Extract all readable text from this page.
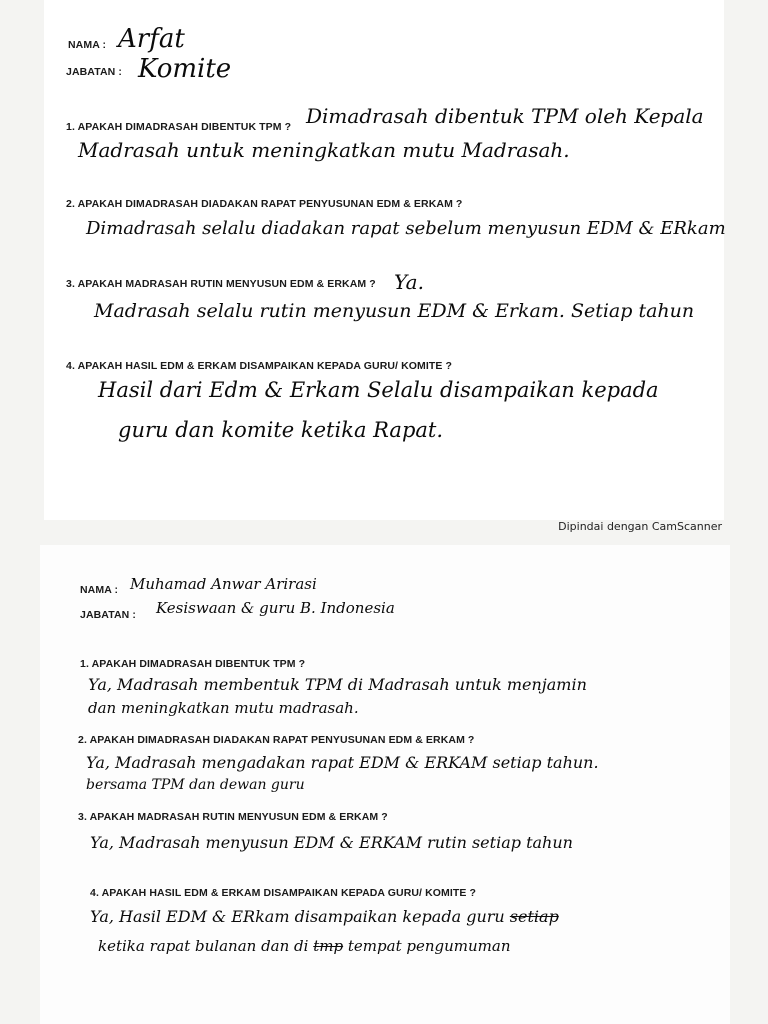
NAMA : Arfat
JABATAN : Komite
1. APAKAH DIMADRASAH DIBENTUK TPM ? Dimadrasah dibentuk TPM oleh Kepala
Madrasah untuk meningkatkan mutu Madrasah.
2. APAKAH DIMADRASAH DIADAKAN RAPAT PENYUSUNAN EDM & ERKAM ?
Dimadrasah selalu diadakan rapat sebelum menyusun EDM & ERkam
3. APAKAH MADRASAH RUTIN MENYUSUN EDM & ERKAM ? Ya.
Madrasah selalu rutin menyusun EDM & Erkam. Setiap tahun
4. APAKAH HASIL EDM & ERKAM DISAMPAIKAN KEPADA GURU/ KOMITE ?
Hasil dari Edm & Erkam Selalu disampaikan kepada
guru dan komite ketika Rapat.
Dipindai dengan CamScanner
NAMA : Muhamad Anwar Arirasi
JABATAN : Kesiswaan & guru B. Indonesia
1. APAKAH DIMADRASAH DIBENTUK TPM ?
Ya, Madrasah membentuk TPM di Madrasah untuk menjamin
dan meningkatkan mutu madrasah.
2. APAKAH DIMADRASAH DIADAKAN RAPAT PENYUSUNAN EDM & ERKAM ?
Ya, Madrasah mengadakan rapat EDM & ERKAM setiap tahun.
bersama TPM dan dewan guru
3. APAKAH MADRASAH RUTIN MENYUSUN EDM & ERKAM ?
Ya, Madrasah menyusun EDM & ERKAM rutin setiap tahun
4. APAKAH HASIL EDM & ERKAM DISAMPAIKAN KEPADA GURU/ KOMITE ?
Ya, Hasil EDM & ERkam disampaikan kepada guru setiap
ketika rapat bulanan dan di tmp tempat pengumuman
